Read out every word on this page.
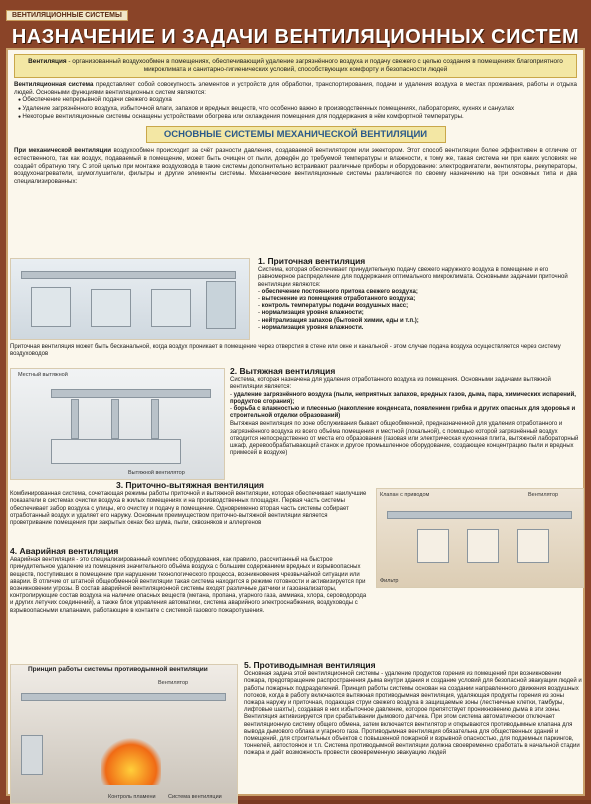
ВЕНТИЛЯЦИОННЫЕ СИСТЕМЫ
НАЗНАЧЕНИЕ И ЗАДАЧИ ВЕНТИЛЯЦИОННЫХ СИСТЕМ
Вентиляция - организованный воздухообмен в помещениях, обеспечивающий удаление загрязнённого воздуха и подачу свежего с целью создания в помещениях благоприятного микроклимата и санитарно-гигиенических условий, способствующих комфорту и безопасности людей
Вентиляционная система представляет собой совокупность элементов и устройств для обработки, транспортирования, подачи и удаления воздуха в местах проживания, работы и отдыха людей. Основными функциями вентиляционных систем являются:
● Обеспечение непрерывной подачи свежего воздуха
● Удаление загрязнённого воздуха, избыточной влаги, запахов и вредных веществ, что особенно важно в производственных помещениях, лабораториях, кухнях и санузлах
● Некоторые вентиляционные системы оснащены устройствами обогрева или охлаждения помещения для поддержания в нём комфортной температуры.
ОСНОВНЫЕ СИСТЕМЫ МЕХАНИЧЕСКОЙ ВЕНТИЛЯЦИИ
При механической вентиляции воздухообмен происходит за счёт разности давления, создаваемой вентилятором или эжектором. Этот способ вентиляции более эффективен в отличие от естественного, так как воздух, подаваемый в помещение, может быть очищен от пыли, доведён до требуемой температуры и влажности, к тому же, такая система ни при каких условиях не создаёт обратную тягу. С этой целью при монтаже воздуховода в такие системы дополнительно встраивают различные приборы и оборудование: электродвигатели, вентиляторы, рекуператоры, воздухонагреватели, шумоглушители, фильтры и другие элементы системы. Механические вентиляционные системы различаются по своему назначению на три основных типа и два специализированных:
1. Приточная вентиляция
Система, которая обеспечивает принудительную подачу свежего наружного воздуха в помещение и его равномерное распределение для поддержания оптимального микроклимата. Основными задачами приточной вентиляции являются:
- обеспечение постоянного притока свежего воздуха;
- вытеснение из помещения отработанного воздуха;
- контроль температуры подачи воздушных масс;
- нормализация уровня влажности;
- нейтрализация запахов (бытовой химии, еды и т.п.);
- нормализация уровня влажности.
Приточная вентиляция может быть бесканальной, когда воздух проникает в помещение через отверстия в стене или окне и канальной - этом случае подача воздуха осуществляется через систему воздуховодов
Местный вытяжной
Вытяжной вентилятор
2. Вытяжная вентиляция
Система, которая назначена для удаления отработанного воздуха из помещения. Основными задачами вытяжной вентиляции является:
- удаление загрязнённого воздуха (пыли, неприятных запахов, вредных газов, дыма, пара, химических испарений, продуктов сгорания);
- борьба с влажностью и плесенью (накопление конденсата, появлением грибка и других опасных для здоровья и строительной отделки образований)
Вытяжная вентиляция по зоне обслуживания бывает общеобменной, предназначенной для удаления отработанного и загрязнённого воздуха из всего объёма помещения и местной (локальной), с помощью которой загрязнённый воздух отводится непосредственно от места его образования (газовая или электрическая кухонная плита, вытяжной лабораторный шкаф, деревообрабатывающий станок и другое промышленное оборудование, создающее концентрацию пыли и вредных примесей в воздухе)
Клапан с приводом	Вентилятор
Фильтр
3. Приточно-вытяжная вентиляция
Комбинированная система, сочетающая режимы работы приточной и вытяжной вентиляции, которая обеспечивает наилучшие показатели в системах очистки воздуха в жилых помещениях и на производственных площадях. Первая часть системы обеспечивает забор воздуха с улицы, его очистку и подачу в помещение. Одновременно вторая часть системы собирает отработанный воздух и удаляет его наружу. Основным преимуществом приточно-вытяжной вентиляции является проветривание помещения при закрытых окнах без шума, пыли, сквозняков и аллергенов
4. Аварийная вентиляция
Аварийная вентиляция - это специализированный комплекс оборудования, как правило, рассчитанный на быстрое принудительное удаление из помещения значительного объёма воздуха с большим содержанием вредных и взрывоопасных веществ, поступивших в помещение при нарушении технологического процесса, возникновения чрезвычайной ситуации или аварии. В отличие от штатной общеобменной вентиляции такая система находится в режиме готовности и активизируется при возникновении угрозы. В состав аварийной вентиляционной системы входят различные датчики и газоанализаторы, контролирующие состав воздуха на наличие опасных веществ (метана, пропана, угарного газа, аммиака, хлора, сероводорода и других летучих соединений), а также блок управления автоматики, система аварийного электроснабжения, воздуховоды с взрывоопасными клапанами, работающие в контакте с системой газового пожаротушения.
Принцип работы системы противодымной вентиляции
Вентилятор
Контроль пламени Система вентиляции
5. Противодымная вентиляция
Основная задача этой вентиляционной системы - удаление продуктов горения из помещений при возникновении пожара, предотвращение распространения дыма внутри здания и создание условий для безопасной эвакуации людей и работы пожарных подразделений. Принцип работы системы основан на создании направленного движения воздушных потоков, когда в работу включаются вытяжная противодымная вентиляция, удаляющая продукты горения из зоны пожара наружу и приточная, подающая струи свежего воздуха в защищаемые зоны (лестничные клетки, тамбуры, лифтовые шахты), создавая в них избыточное давление, которое препятствует проникновению дыма в эти зоны. Вентиляция активизируется при срабатывании дымового датчика. При этом система автоматически отключает вентиляционную систему общего обмена, затем включается вентилятор и открываются противодымные клапана для вывода дымового облака и угарного газа. Противодымная вентиляция обязательна для общественных зданий и помещений, для строительных объектов с повышенной пожарной и взрывной опасностью, для подземных паркингов, тоннелей, автостоянок и т.п. Система противодымной вентиляции должна своевременно сработать в начальной стадии пожара и даёт возможность провести своевременную эвакуацию людей
